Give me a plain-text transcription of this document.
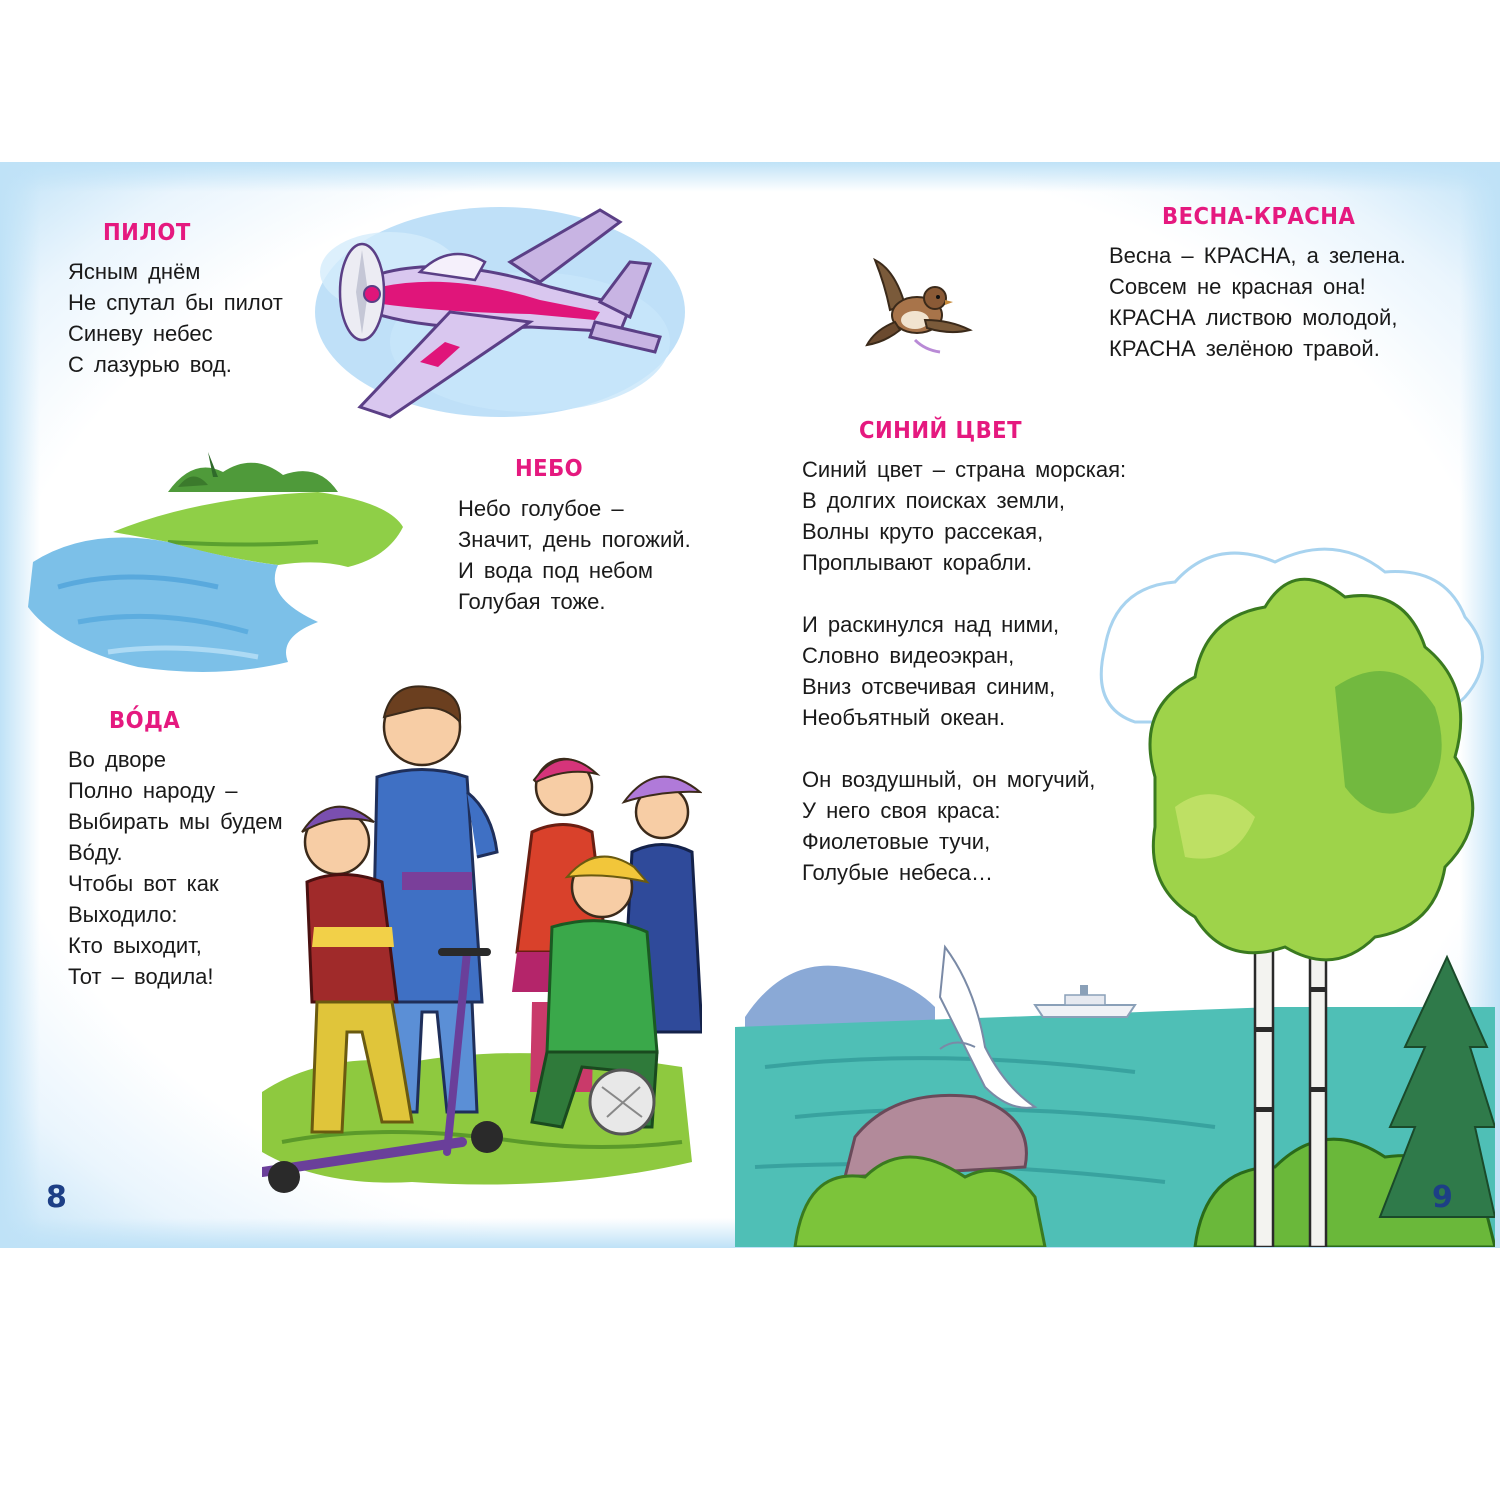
ПИЛОТ
Ясным днём
Не спутал бы пилот
Синеву небес
С лазурью вод.
НЕБО
Небо голубое –
Значит, день погожий.
И вода под небом
Голубая тоже.
ВО́ДА
Во дворе
Полно народу –
Выбирать мы будем
Во́ду.
Чтобы вот как
Выходило:
Кто выходит,
Тот – водила!
ВЕСНА-КРАСНА
Весна – КРАСНА, а зелена.
Совсем не красная она!
КРАСНА листвою молодой,
КРАСНА зелёною травой.
СИНИЙ ЦВЕТ
Синий цвет – страна морская:
В долгих поисках земли,
Волны круто рассекая,
Проплывают корабли.
И раскинулся над ними,
Словно видеоэкран,
Вниз отсвечивая синим,
Необъятный океан.
Он воздушный, он могучий,
У него своя краса:
Фиолетовые тучи,
Голубые небеса…
8	9
